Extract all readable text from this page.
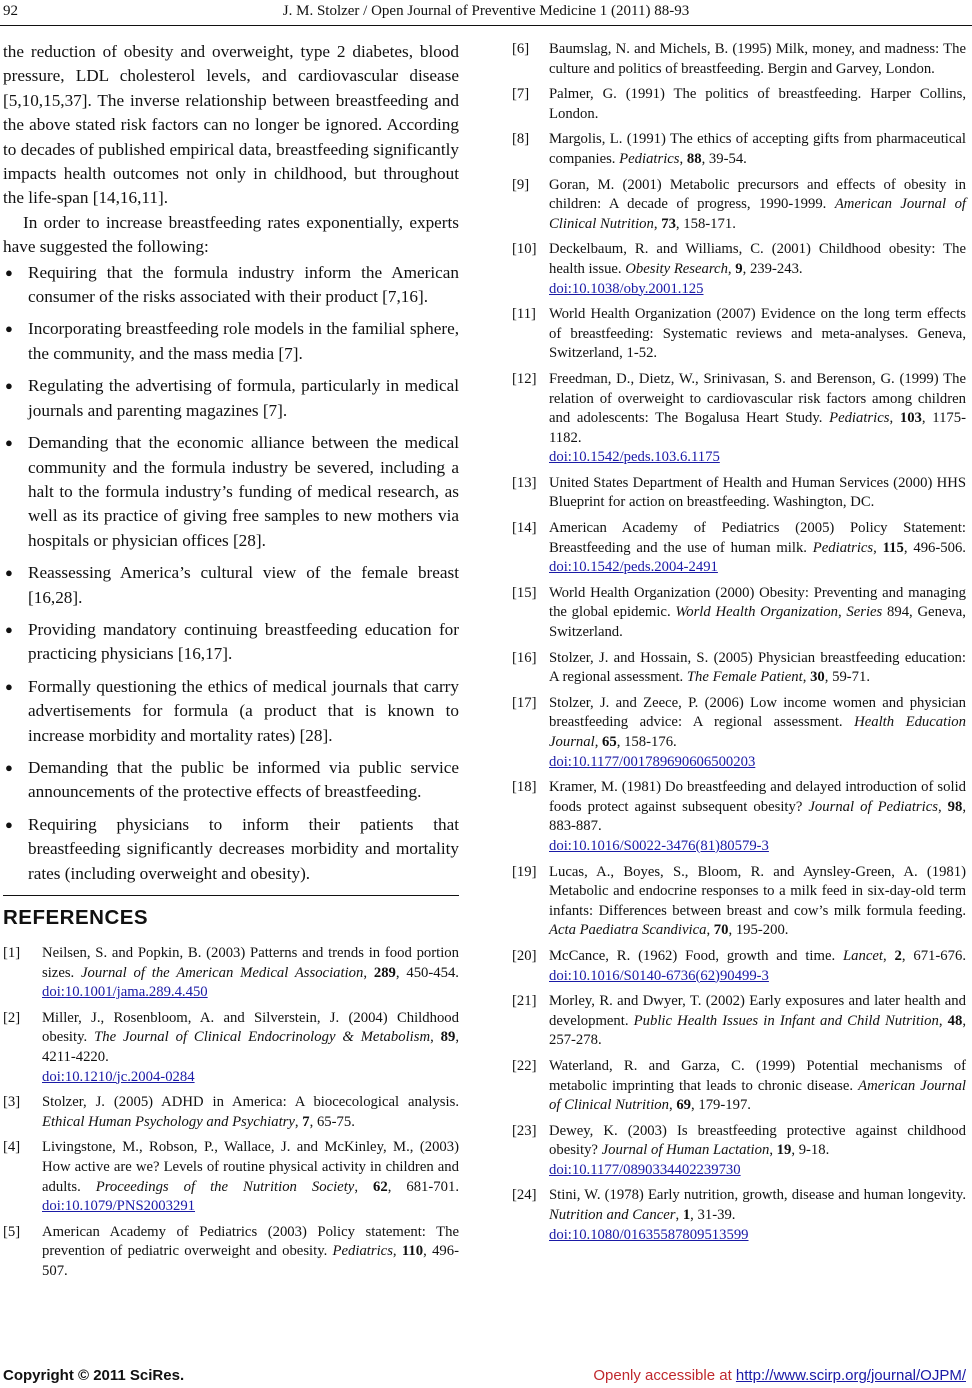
92	J. M. Stolzer / Open Journal of Preventive Medicine 1 (2011) 88-93

the reduction of obesity and overweight, type 2 diabetes, blood pressure, LDL cholesterol levels, and cardiovascular disease [5,10,15,37]. The inverse relationship between breastfeeding and the above stated risk factors can no longer be ignored. According to decades of published empirical data, breastfeeding significantly impacts health outcomes not only in childhood, but throughout the life-span [14,16,11].

In order to increase breastfeeding rates exponentially, experts have suggested the following:

● Requiring that the formula industry inform the American consumer of the risks associated with their product [7,16].
● Incorporating breastfeeding role models in the familial sphere, the community, and the mass media [7].
● Regulating the advertising of formula, particularly in medical journals and parenting magazines [7].
● Demanding that the economic alliance between the medical community and the formula industry be severed, including a halt to the formula industry’s funding of medical research, as well as its practice of giving free samples to new mothers via hospitals or physician offices [28].
● Reassessing America’s cultural view of the female breast [16,28].
● Providing mandatory continuing breastfeeding education for practicing physicians [16,17].
● Formally questioning the ethics of medical journals that carry advertisements for formula (a product that is known to increase morbidity and mortality rates) [28].
● Demanding that the public be informed via public service announcements of the protective effects of breastfeeding.
● Requiring physicians to inform their patients that breastfeeding significantly decreases morbidity and mortality rates (including overweight and obesity).
REFERENCES
[1] Neilsen, S. and Popkin, B. (2003) Patterns and trends in food portion sizes. Journal of the American Medical Association, 289, 450-454. doi:10.1001/jama.289.4.450
[2] Miller, J., Rosenbloom, A. and Silverstein, J. (2004) Childhood obesity. The Journal of Clinical Endocrinology & Metabolism, 89, 4211-4220.
doi:10.1210/jc.2004-0284
[3] Stolzer, J. (2005) ADHD in America: A biocecological analysis. Ethical Human Psychology and Psychiatry, 7, 65-75.
[4] Livingstone, M., Robson, P., Wallace, J. and McKinley, M., (2003) How active are we? Levels of routine physical activity in children and adults. Proceedings of the Nutrition Society, 62, 681-701. doi:10.1079/PNS2003291
[5] American Academy of Pediatrics (2003) Policy statement: The prevention of pediatric overweight and obesity. Pediatrics, 110, 496-507.
[6] Baumslag, N. and Michels, B. (1995) Milk, money, and madness: The culture and politics of breastfeeding. Bergin and Garvey, London.
[7] Palmer, G. (1991) The politics of breastfeeding. Harper Collins, London.
[8] Margolis, L. (1991) The ethics of accepting gifts from pharmaceutical companies. Pediatrics, 88, 39-54.
[9] Goran, M. (2001) Metabolic precursors and effects of obesity in children: A decade of progress, 1990-1999. American Journal of Clinical Nutrition, 73, 158-171.
[10] Deckelbaum, R. and Williams, C. (2001) Childhood obesity: The health issue. Obesity Research, 9, 239-243.
doi:10.1038/oby.2001.125
[11] World Health Organization (2007) Evidence on the long term effects of breastfeeding: Systematic reviews and meta-analyses. Geneva, Switzerland, 1-52.
[12] Freedman, D., Dietz, W., Srinivasan, S. and Berenson, G. (1999) The relation of overweight to cardiovascular risk factors among children and adolescents: The Bogalusa Heart Study. Pediatrics, 103, 1175-1182.
doi:10.1542/peds.103.6.1175
[13] United States Department of Health and Human Services (2000) HHS Blueprint for action on breastfeeding. Washington, DC.
[14] American Academy of Pediatrics (2005) Policy Statement: Breastfeeding and the use of human milk. Pediatrics, 115, 496-506. doi:10.1542/peds.2004-2491
[15] World Health Organization (2000) Obesity: Preventing and managing the global epidemic. World Health Organization, Series 894, Geneva, Switzerland.
[16] Stolzer, J. and Hossain, S. (2005) Physician breastfeeding education: A regional assessment. The Female Patient, 30, 59-71.
[17] Stolzer, J. and Zeece, P. (2006) Low income women and physician breastfeeding advice: A regional assessment. Health Education Journal, 65, 158-176.
doi:10.1177/001789690606500203
[18] Kramer, M. (1981) Do breastfeeding and delayed introduction of solid foods protect against subsequent obesity? Journal of Pediatrics, 98, 883-887.
doi:10.1016/S0022-3476(81)80579-3
[19] Lucas, A., Boyes, S., Bloom, R. and Aynsley-Green, A. (1981) Metabolic and endocrine responses to a milk feed in six-day-old term infants: Differences between breast and cow’s milk formula feeding. Acta Paediatra Scandivica, 70, 195-200.
[20] McCance, R. (1962) Food, growth and time. Lancet, 2, 671-676. doi:10.1016/S0140-6736(62)90499-3
[21] Morley, R. and Dwyer, T. (2002) Early exposures and later health and development. Public Health Issues in Infant and Child Nutrition, 48, 257-278.
[22] Waterland, R. and Garza, C. (1999) Potential mechanisms of metabolic imprinting that leads to chronic disease. American Journal of Clinical Nutrition, 69, 179-197.
[23] Dewey, K. (2003) Is breastfeeding protective against childhood obesity? Journal of Human Lactation, 19, 9-18.
doi:10.1177/0890334402239730
[24] Stini, W. (1978) Early nutrition, growth, disease and human longevity. Nutrition and Cancer, 1, 31-39.
doi:10.1080/01635587809513599
Copyright © 2011 SciRes.	Openly accessible at http://www.scirp.org/journal/OJPM/
